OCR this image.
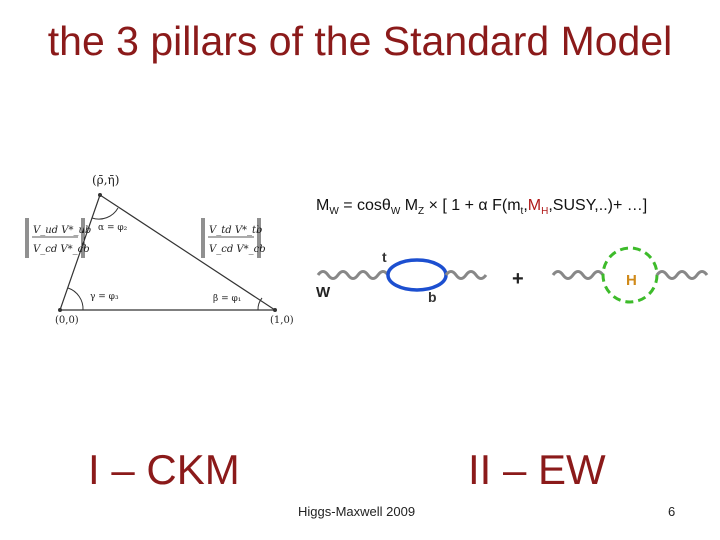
the 3 pillars of the Standard Model
(ρ̄,η̄)
(0,0)	(1,0)
α = φ₂
β = φ₁
γ = φ₃
V_ud V*_ub
V_cd V*_cb
V_td V*_tb
V_cd V*_cb
$M_W = \cos\theta_W$ $M_Z$ × [ 1 + α $F(m_t,M_H,SUSY,..)+$ …]
W
t
b
+	H
I – CKM	II – EW
Higgs-Maxwell 2009	6
